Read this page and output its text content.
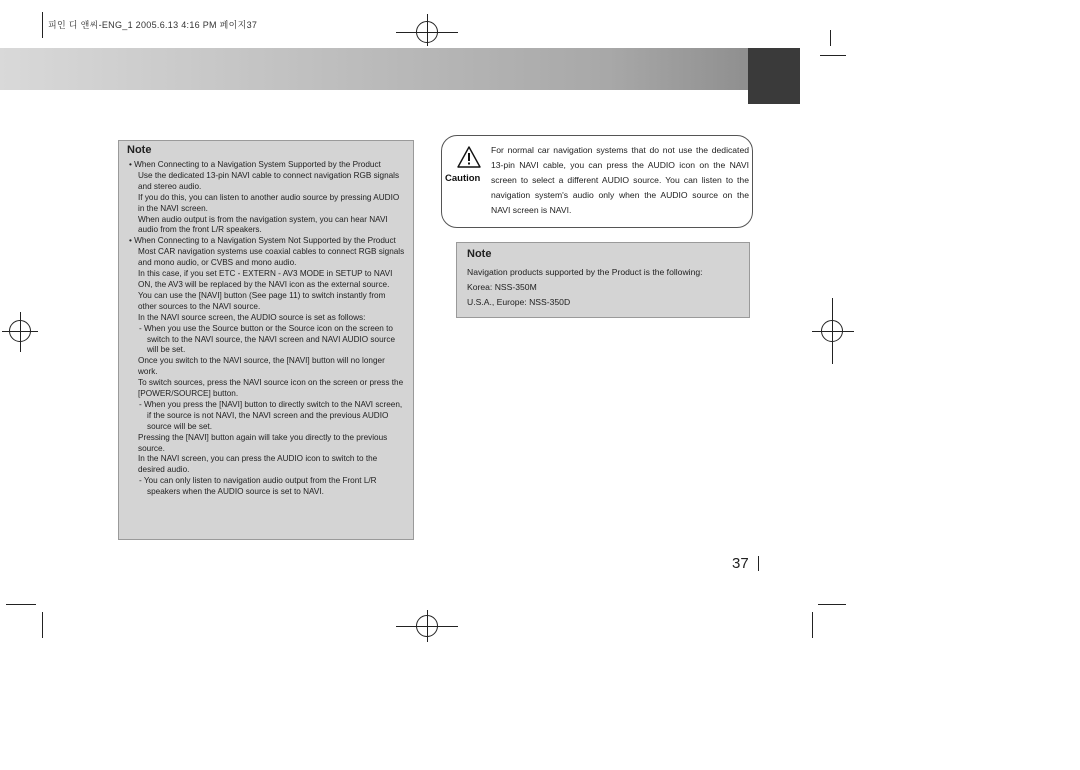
피인 디 앤씨-ENG_1 2005.6.13 4:16 PM 페이지37
Note
• When Connecting to a Navigation System Supported by the Product
Use the dedicated 13-pin NAVI cable to connect navigation RGB signals and stereo audio.
If you do this, you can listen to another audio source by pressing AUDIO in the NAVI screen.
When audio output is from the navigation system, you can hear NAVI audio from the front L/R speakers.
• When Connecting to a Navigation System Not Supported by the Product
Most CAR navigation systems use coaxial cables to connect RGB signals and mono audio, or CVBS and mono audio.
In this case, if you set ETC - EXTERN - AV3 MODE in SETUP to NAVI ON, the AV3 will be replaced by the NAVI icon as the external source.
You can use the [NAVI] button (See page 11) to switch instantly from other sources to the NAVI source.
In the NAVI source screen, the AUDIO source is set as follows:
- When you use the Source button or the Source icon on the screen to switch to the NAVI source, the NAVI screen and NAVI AUDIO source will be set.
Once you switch to the NAVI source, the [NAVI] button will no longer work.
To switch sources, press the NAVI source icon on the screen or press the [POWER/SOURCE] button.
- When you press the [NAVI] button to directly switch to the NAVI screen, if the source is not NAVI, the NAVI screen and the previous AUDIO source will be set.
Pressing the [NAVI] button again will take you directly to the previous source.
In the NAVI screen, you can press the AUDIO icon to switch to the desired audio.
- You can only listen to navigation audio output from the Front L/R speakers when the AUDIO source is set to NAVI.
Caution
For normal car navigation systems that do not use the dedicated 13-pin NAVI cable, you can press the AUDIO icon on the NAVI screen to select a different AUDIO source. You can listen to the navigation system's audio only when the AUDIO source on the NAVI screen is NAVI.
Note
Navigation products supported by the Product is the following:
Korea: NSS-350M
U.S.A., Europe: NSS-350D
37
